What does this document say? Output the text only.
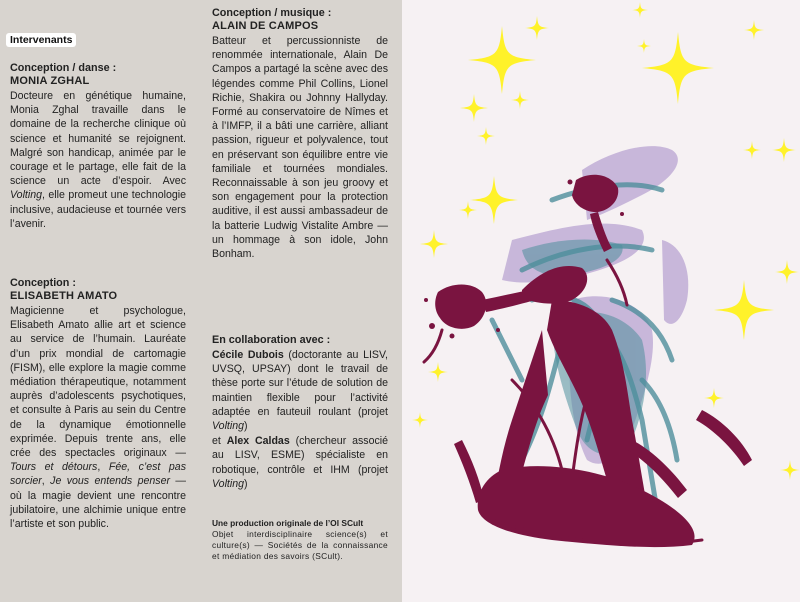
Intervenants
Conception / danse :
MONIA ZGHAL
Docteure en génétique humaine, Monia Zghal travaille dans le domaine de la recherche clinique où science et humanité se rejoignent. Malgré son handicap, animée par le courage et le partage, elle fait de la science un acte d’espoir. Avec Volting, elle promeut une technologie inclusive, audacieuse et tournée vers l’avenir.
Conception :
ELISABETH AMATO
Magicienne et psychologue, Elisabeth Amato allie art et science au service de l’humain. Lauréate d’un prix mondial de cartomagie (FISM), elle explore la magie comme médiation thérapeutique, notamment auprès d’adolescents psychotiques, et consulte à Paris au sein du Centre de la dynamique émotionnelle exprimée. Depuis trente ans, elle crée des spectacles originaux — Tours et détours, Fée, c’est pas sorcier, Je vous entends penser — où la magie devient une rencontre jubilatoire, une alchimie unique entre l’artiste et son public.
Conception / musique :
ALAIN DE CAMPOS
Batteur et percussionniste de renommée internationale, Alain De Campos a partagé la scène avec des légendes comme Phil Collins, Lionel Richie, Shakira ou Johnny Hallyday. Formé au conservatoire de Nîmes et à l’IMFP, il a bâti une carrière, alliant passion, rigueur et polyvalence, tout en préservant son équilibre entre vie familiale et tournées mondiales. Reconnaissable à son jeu groovy et son engagement pour la protection auditive, il est aussi ambassadeur de la batterie Ludwig Vistalite Ambre — un hommage à son idole, John Bonham.
En collaboration avec :
Cécile Dubois (doctorante au LISV, UVSQ, UPSAY) dont le travail de thèse porte sur l’étude de solution de maintien flexible pour l’activité adaptée en fauteuil roulant (projet Volting)
et Alex Caldas (chercheur associé au LISV, ESME) spécialiste en robotique, contrôle et IHM (projet Volting)
Une production originale de l’OI SCult
Objet interdisciplinaire science(s) et culture(s) — Sociétés de la connaissance et médiation des savoirs (SCult).
